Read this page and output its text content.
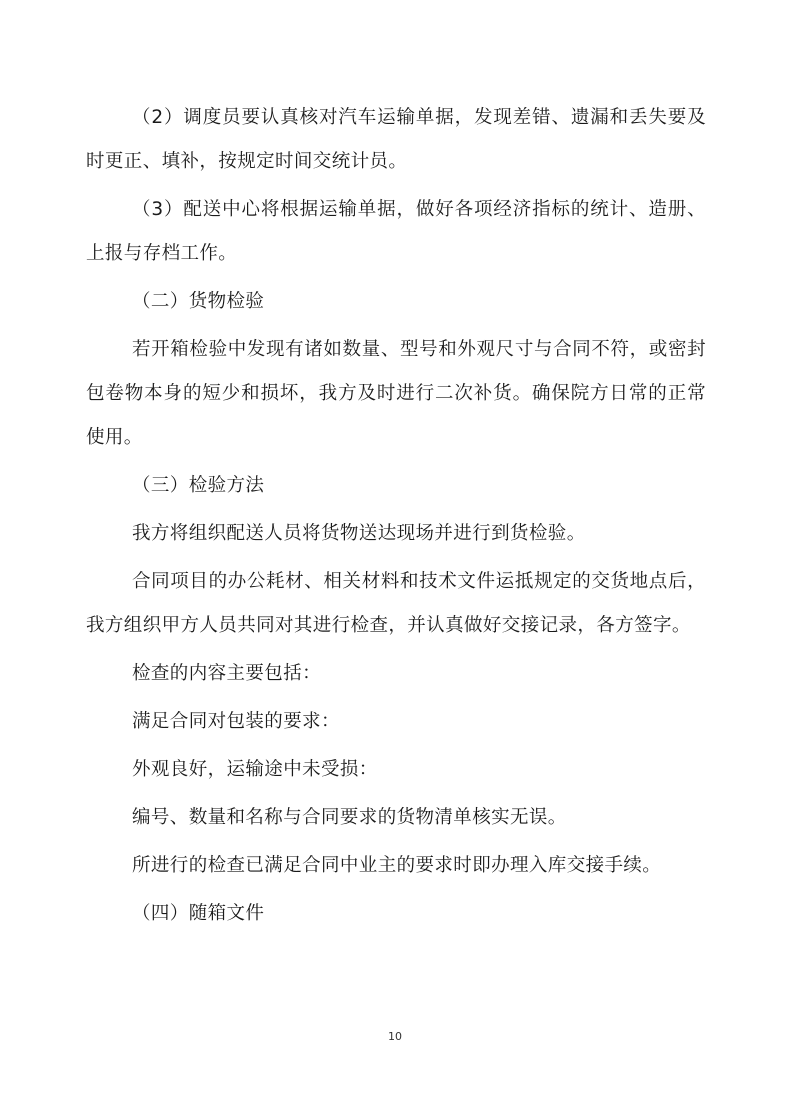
（2）调度员要认真核对汽车运输单据，发现差错、遗漏和丢失要及时更正、填补，按规定时间交统计员。

（3）配送中心将根据运输单据，做好各项经济指标的统计、造册、上报与存档工作。

（二）货物检验

若开箱检验中发现有诸如数量、型号和外观尺寸与合同不符，或密封包卷物本身的短少和损坏，我方及时进行二次补货。确保院方日常的正常使用。

（三）检验方法

我方将组织配送人员将货物送达现场并进行到货检验。

合同项目的办公耗材、相关材料和技术文件运抵规定的交货地点后，我方组织甲方人员共同对其进行检查，并认真做好交接记录，各方签字。

检查的内容主要包括：

满足合同对包装的要求：

外观良好，运输途中未受损：

编号、数量和名称与合同要求的货物清单核实无误。

所进行的检查已满足合同中业主的要求时即办理入库交接手续。

（四）随箱文件

10
